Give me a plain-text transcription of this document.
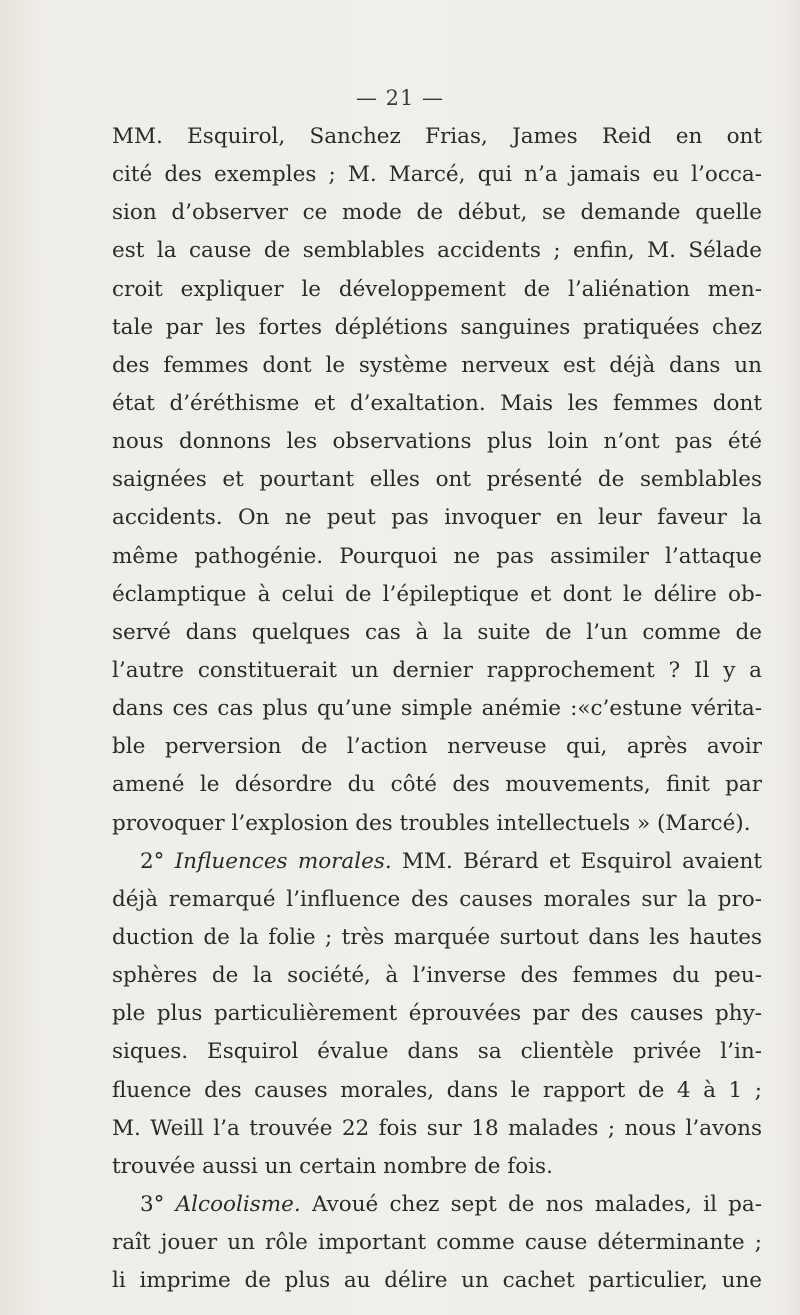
— 21 —
MM. Esquirol, Sanchez Frias, James Reid en ont
cité des exemples ; M. Marcé, qui n’a jamais eu l’occa-
sion d’observer ce mode de début, se demande quelle
est la cause de semblables accidents ; enfin, M. Sélade
croit expliquer le développement de l’aliénation men-
tale par les fortes déplétions sanguines pratiquées chez
des femmes dont le système nerveux est déjà dans un
état d’éréthisme et d’exaltation. Mais les femmes dont
nous donnons les observations plus loin n’ont pas été
saignées et pourtant elles ont présenté de semblables
accidents. On ne peut pas invoquer en leur faveur la
même pathogénie. Pourquoi ne pas assimiler l’attaque
éclamptique à celui de l’épileptique et dont le délire ob-
servé dans quelques cas à la suite de l’un comme de
l’autre constituerait un dernier rapprochement ? Il y a
dans ces cas plus qu’une simple anémie :«c’estune vérita-
ble perversion de l’action nerveuse qui, après avoir
amené le désordre du côté des mouvements, finit par
provoquer l’explosion des troubles intellectuels » (Marcé).
2° Influences morales. MM. Bérard et Esquirol avaient
déjà remarqué l’influence des causes morales sur la pro-
duction de la folie ; très marquée surtout dans les hautes
sphères de la société, à l’inverse des femmes du peu-
ple plus particulièrement éprouvées par des causes phy-
siques. Esquirol évalue dans sa clientèle privée l’in-
fluence des causes morales, dans le rapport de 4 à 1 ;
M. Weill l’a trouvée 22 fois sur 18 malades ; nous l’avons
trouvée aussi un certain nombre de fois.
3° Alcoolisme. Avoué chez sept de nos malades, il pa-
raît jouer un rôle important comme cause déterminante ;
li imprime de plus au délire un cachet particulier, une
